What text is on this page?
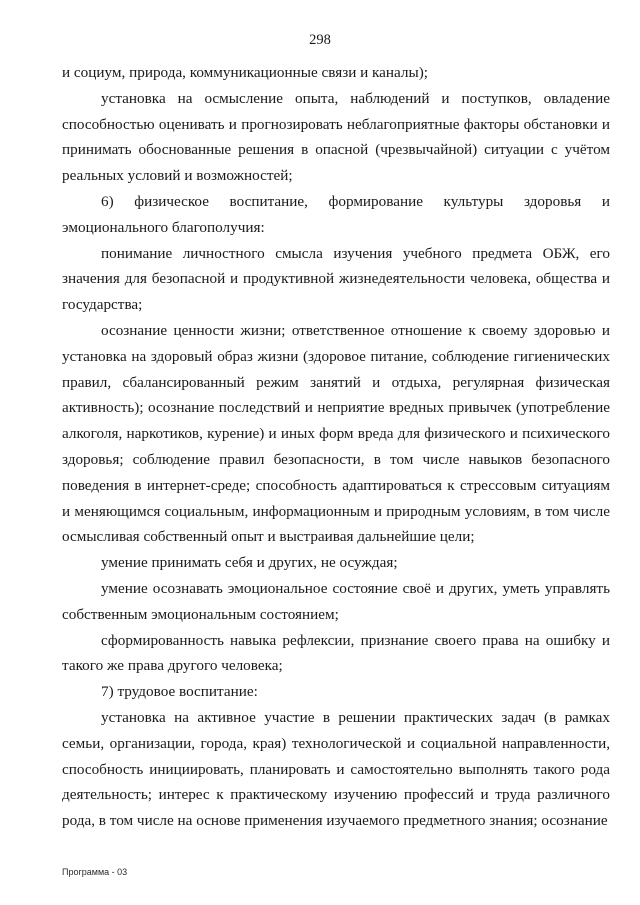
298

и социум, природа, коммуникационные связи и каналы);

установка на осмысление опыта, наблюдений и поступков, овладение способностью оценивать и прогнозировать неблагоприятные факторы обстановки и принимать обоснованные решения в опасной (чрезвычайной) ситуации с учётом реальных условий и возможностей;

6) физическое воспитание, формирование культуры здоровья и эмоционального благополучия:

понимание личностного смысла изучения учебного предмета ОБЖ, его значения для безопасной и продуктивной жизнедеятельности человека, общества и государства;

осознание ценности жизни; ответственное отношение к своему здоровью и установка на здоровый образ жизни (здоровое питание, соблюдение гигиенических правил, сбалансированный режим занятий и отдыха, регулярная физическая активность); осознание последствий и неприятие вредных привычек (употребление алкоголя, наркотиков, курение) и иных форм вреда для физического и психического здоровья; соблюдение правил безопасности, в том числе навыков безопасного поведения в интернет-среде; способность адаптироваться к стрессовым ситуациям и меняющимся социальным, информационным и природным условиям, в том числе осмысливая собственный опыт и выстраивая дальнейшие цели;

умение принимать себя и других, не осуждая;

умение осознавать эмоциональное состояние своё и других, уметь управлять собственным эмоциональным состоянием;

сформированность навыка рефлексии, признание своего права на ошибку и такого же права другого человека;

7) трудовое воспитание:

установка на активное участие в решении практических задач (в рамках семьи, организации, города, края) технологической и социальной направленности, способность инициировать, планировать и самостоятельно выполнять такого рода деятельность; интерес к практическому изучению профессий и труда различного рода, в том числе на основе применения изучаемого предметного знания; осознание

Программа - 03
